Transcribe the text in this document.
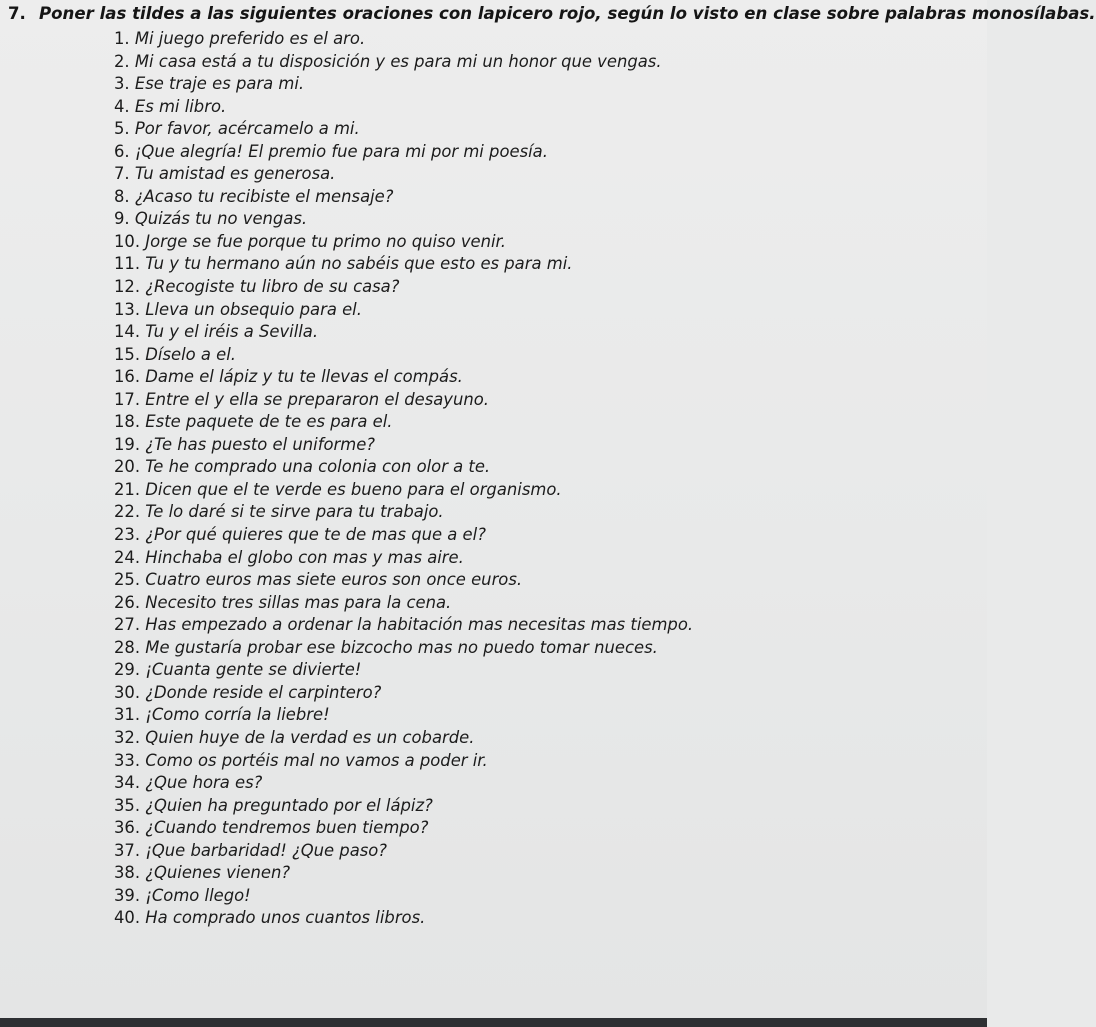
7. Poner las tildes a las siguientes oraciones con lapicero rojo, según lo visto en clase sobre palabras monosílabas.
1. Mi juego preferido es el aro.
2. Mi casa está a tu disposición y es para mi un honor que vengas.
3. Ese traje es para mi.
4. Es mi libro.
5. Por favor, acércamelo a mi.
6. ¡Que alegría! El premio fue para mi por mi poesía.
7. Tu amistad es generosa.
8. ¿Acaso tu recibiste el mensaje?
9. Quizás tu no vengas.
10. Jorge se fue porque tu primo no quiso venir.
11. Tu y tu hermano aún no sabéis que esto es para mi.
12. ¿Recogiste tu libro de su casa?
13. Lleva un obsequio para el.
14. Tu y el iréis a Sevilla.
15. Díselo a el.
16. Dame el lápiz y tu te llevas el compás.
17. Entre el y ella se prepararon el desayuno.
18. Este paquete de te es para el.
19. ¿Te has puesto el uniforme?
20. Te he comprado una colonia con olor a te.
21. Dicen que el te verde es bueno para el organismo.
22. Te lo daré si te sirve para tu trabajo.
23. ¿Por qué quieres que te de mas que a el?
24. Hinchaba el globo con mas y mas aire.
25. Cuatro euros mas siete euros son once euros.
26. Necesito tres sillas mas para la cena.
27. Has empezado a ordenar la habitación mas necesitas mas tiempo.
28. Me gustaría probar ese bizcocho mas no puedo tomar nueces.
29. ¡Cuanta gente se divierte!
30. ¿Donde reside el carpintero?
31. ¡Como corría la liebre!
32. Quien huye de la verdad es un cobarde.
33. Como os portéis mal no vamos a poder ir.
34. ¿Que hora es?
35. ¿Quien ha preguntado por el lápiz?
36. ¿Cuando tendremos buen tiempo?
37. ¡Que barbaridad! ¿Que paso?
38. ¿Quienes vienen?
39. ¡Como llego!
40. Ha comprado unos cuantos libros.
